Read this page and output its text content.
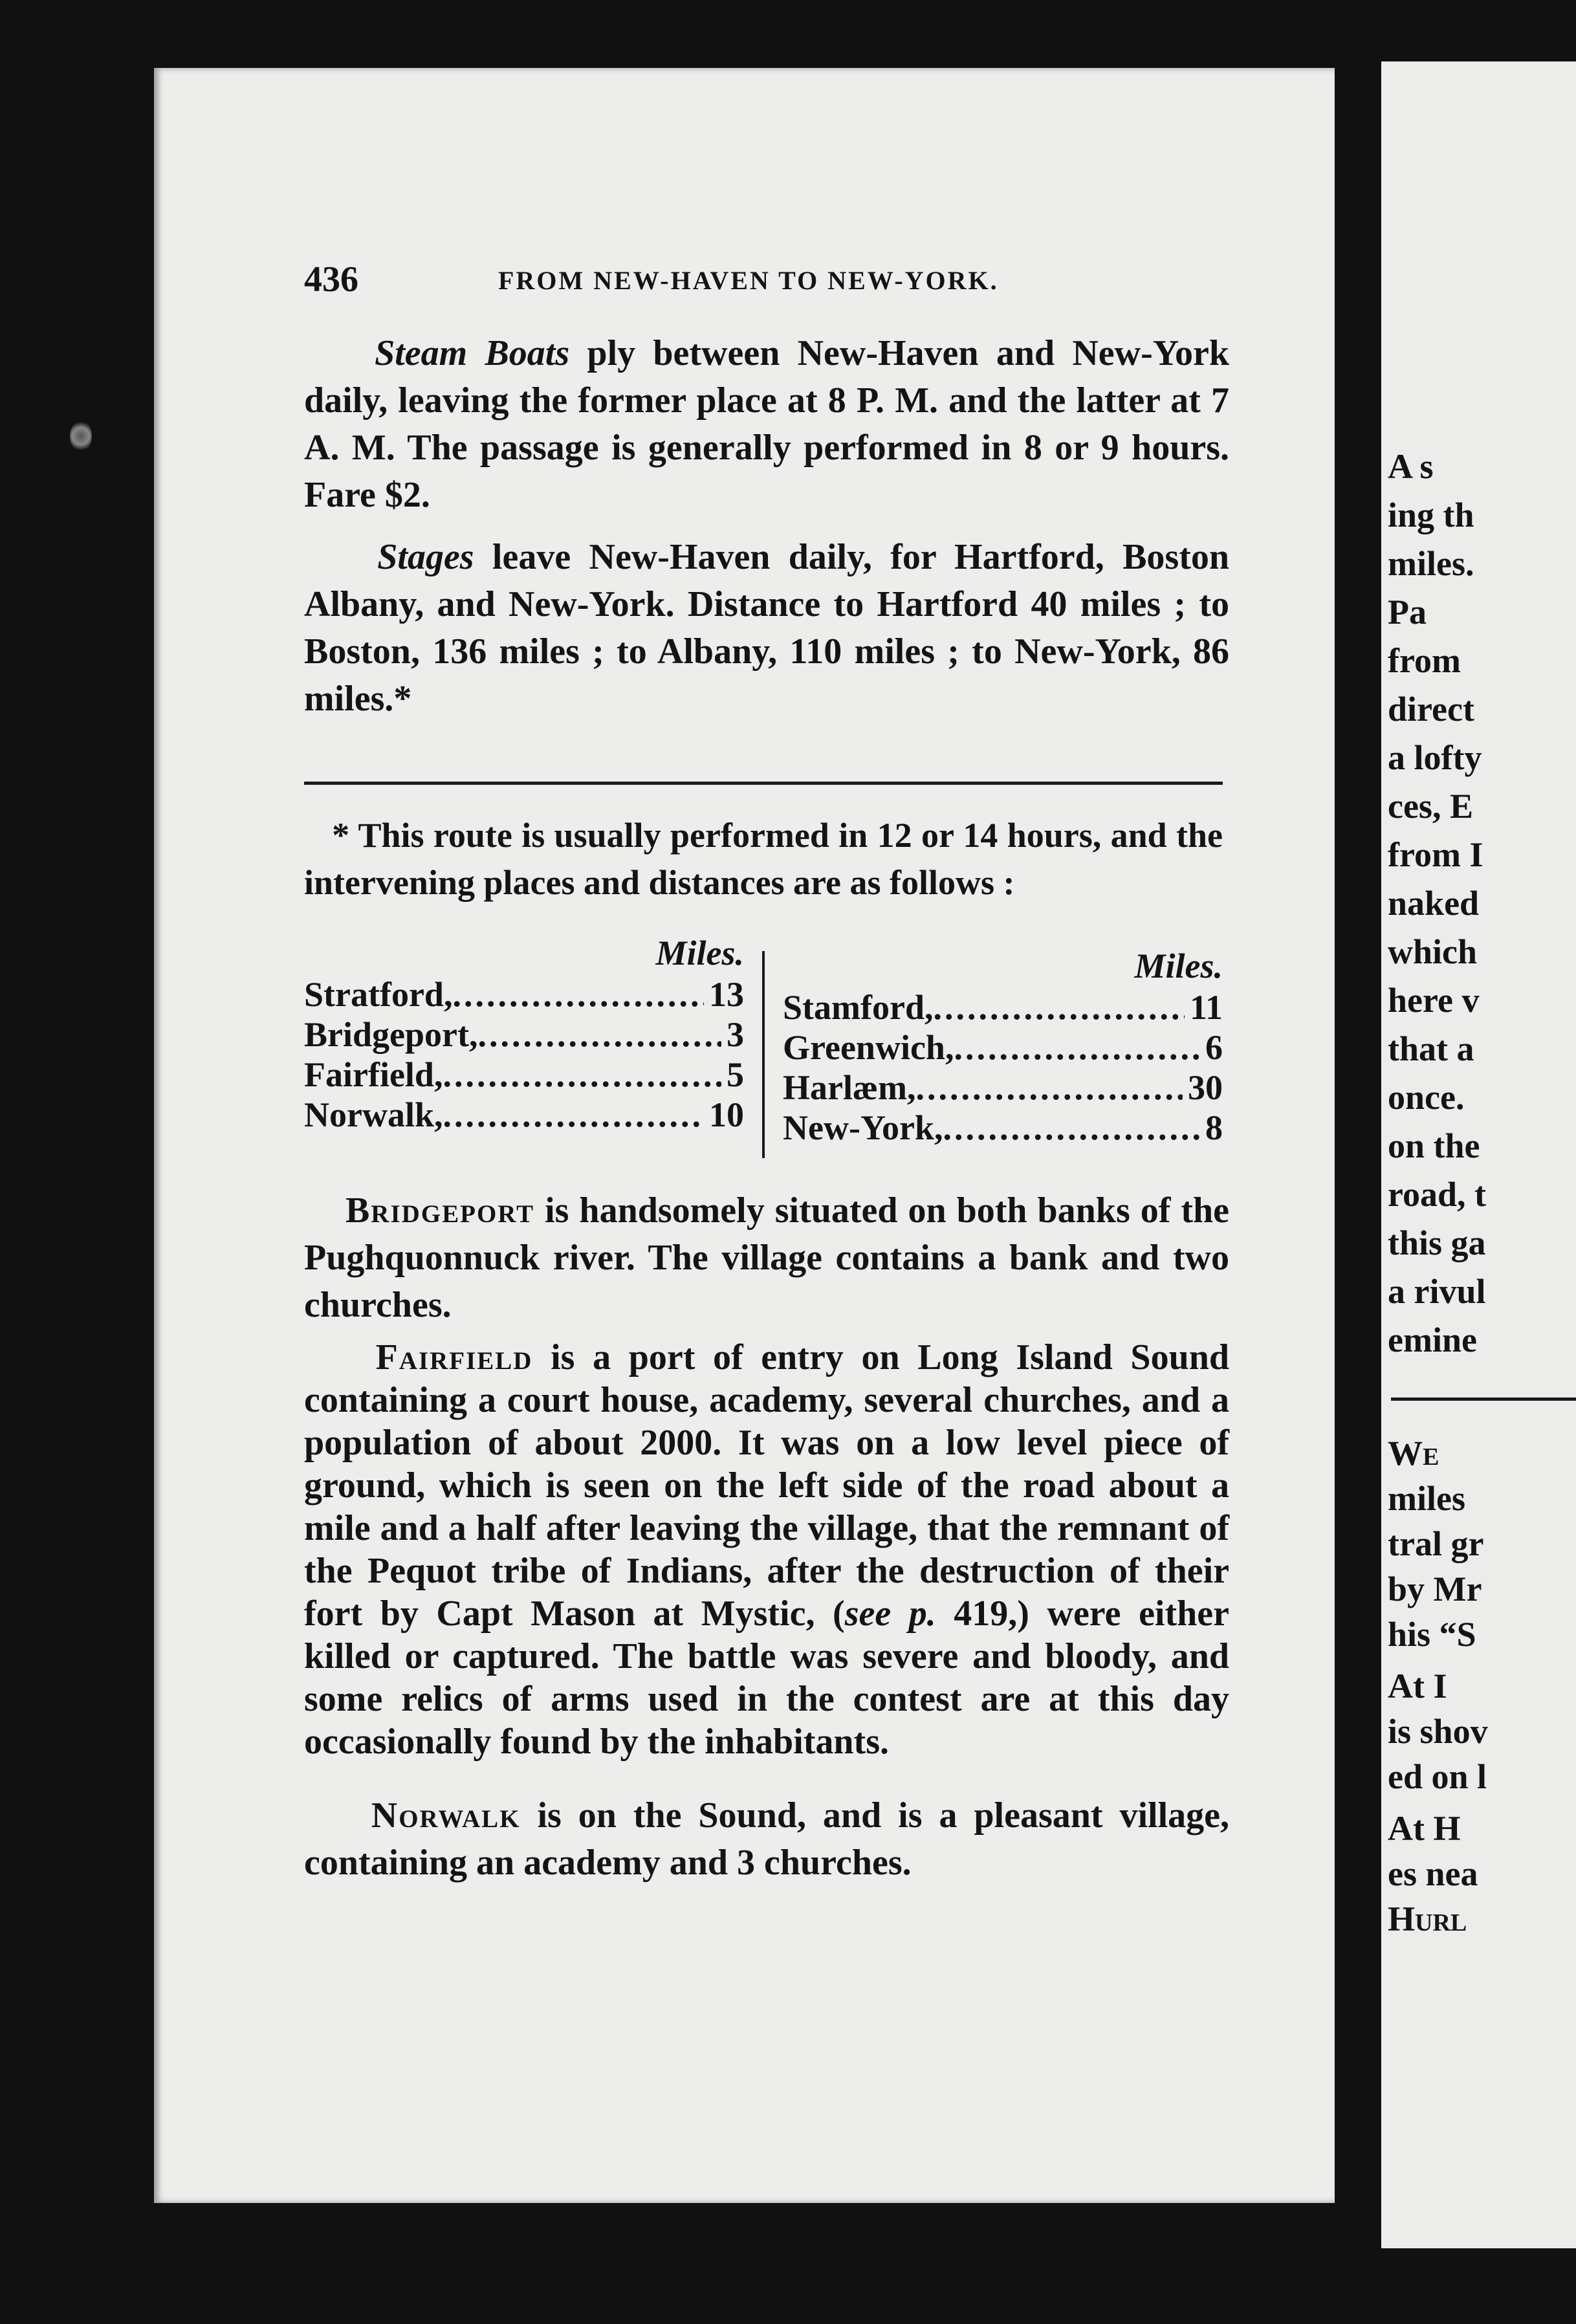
436	FROM NEW-HAVEN TO NEW-YORK.

Steam Boats ply between New-Haven and New-York daily, leaving the former place at 8 P. M. and the latter at 7 A. M. The passage is generally performed in 8 or 9 hours. Fare $2.

Stages leave New-Haven daily, for Hartford, Boston Albany, and New-York. Distance to Hartford 40 miles ; to Boston, 136 miles ; to Albany, 110 miles ; to New-York, 86 miles.*

* This route is usually performed in 12 or 14 hours, and the intervening places and distances are as follows :

Miles.
Stratford, .....	13
Bridgeport, .....	3
Fairfield, .....	5
Norwalk, .....	10
Miles.
Stamford, .....	11
Greenwich, .....	6
Harlæm, .....	30
New-York, .....	8

Bridgeport is handsomely situated on both banks of the Pughquonnuck river. The village contains a bank and two churches.

Fairfield is a port of entry on Long Island Sound containing a court house, academy, several churches, and a population of about 2000. It was on a low level piece of ground, which is seen on the left side of the road about a mile and a half after leaving the village, that the remnant of the Pequot tribe of Indians, after the destruction of their fort by Capt Mason at Mystic, (see p. 419,) were either killed or captured. The battle was severe and bloody, and some relics of arms used in the contest are at this day occasionally found by the inhabitants.

Norwalk is on the Sound, and is a pleasant village, containing an academy and 3 churches.

A s
ing th
miles.
Pa
from
direct
a lofty
ces, E
from I
naked
which
here v
that a
once.
on the
road, t
this ga
a rivul
emine
We
miles
tral gr
by Mr
his “S
At I
is shov
ed on l
At H
es nea
Hurl
